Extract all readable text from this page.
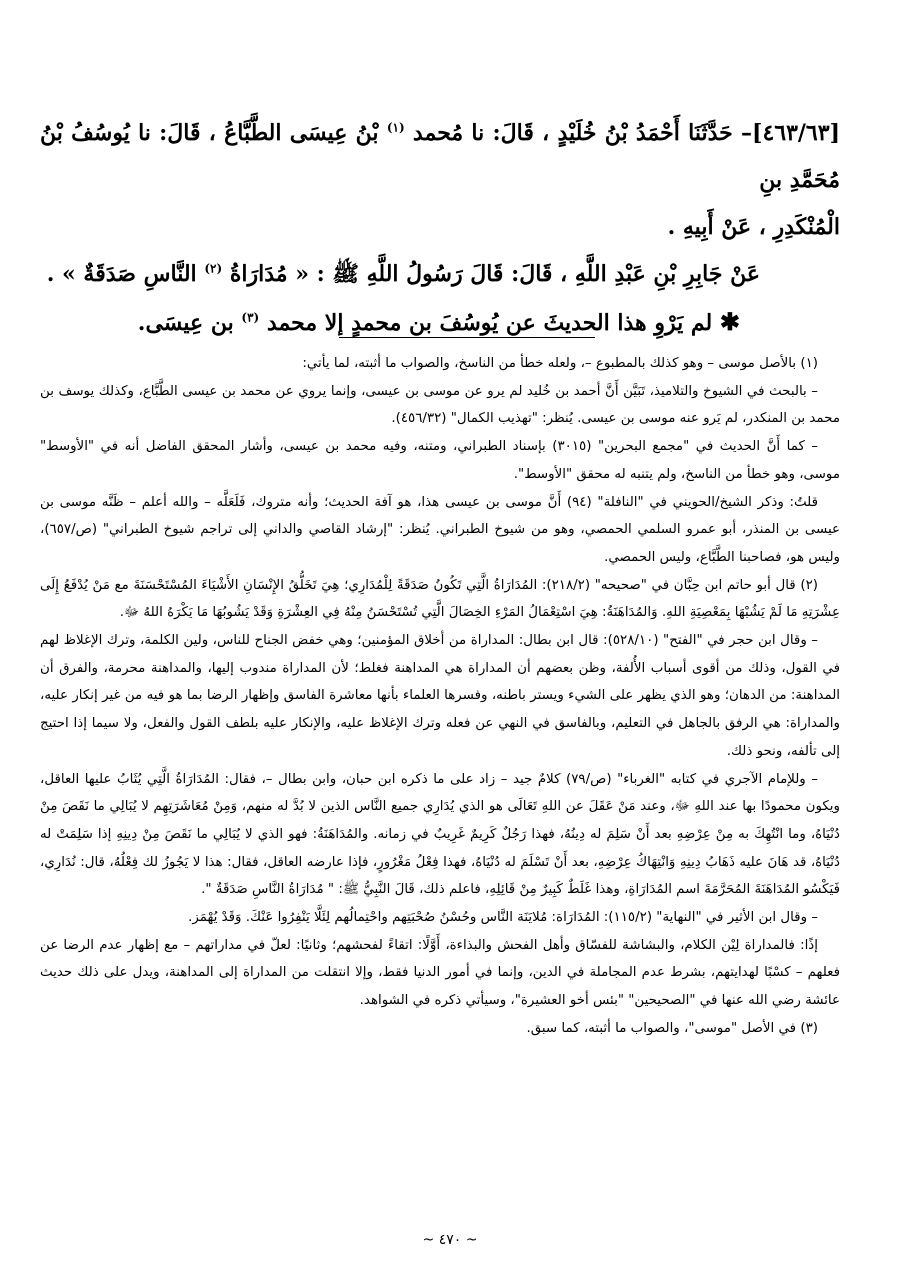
[٤٦٣/٦٣]– حَدَّثَنَا أَحْمَدُ بْنُ خُلَيْدٍ ، قَالَ: نا مُحمد $^{(١)}$ بْنُ عِيسَى الطَّبَّاعُ ، قَالَ: نا يُوسُفُ بْنُ مُحَمَّدِ بنِ

الْمُنْكَدِرِ ، عَنْ أَبِيهِ .

عَنْ جَابِرِ بْنِ عَبْدِ اللَّهِ ، قَالَ: قَالَ رَسُولُ اللَّهِ ﷺ : « مُدَارَاةُ $^{(٢)}$ النَّاسِ صَدَقَةٌ » .

✱ لم يَرْوِ هذا الحديثَ عن يُوسُفَ بن محمدٍ إلا محمد $^{(٣)}$ بن عِيسَى.

(١) بالأصل موسى – وهو كذلك بالمطبوع –، ولعله خطأ من الناسخ، والصواب ما أثبته، لما يأتي:

– بالبحث في الشيوخ والتلاميذ، تَبَيَّن أَنَّ أحمد بن خُليد لم يرو عن موسى بن عيسى، وإنما يروي عن محمد بن عيسى الطَّبَّاع، وكذلك يوسف بن محمد بن المنكدر، لم يَرو عنه موسى بن عيسى. يُنظر: "تهذيب الكمال" (٤٥٦/٣٢).

– كما أَنَّ الحديث في "مجمع البحرين" (٣٠١٥) بإسناد الطبراني، ومتنه، وفيه محمد بن عيسى، وأشار المحقق الفاضل أنه في "الأوسط" موسى، وهو خطأ من الناسخ، ولم يتنبه له محقق "الأوسط".

قلتُ: وذكر الشيخ/الحويني في "النافلة" (٩٤) أَنَّ موسى بن عيسى هذا، هو آفة الحديث؛ وأنه متروك، فَلَعَلَّه – والله أعلم – ظَنَّه موسى بن عيسى بن المنذر، أبو عمرو السلمي الحمصي، وهو من شيوخ الطبراني. يُنظر: "إرشاد القاصي والداني إلى تراجم شيوخ الطبراني" (ص/٦٥٧)، وليس هو، فصاحبنا الطَّبَّاع، وليس الحمصي.

(٢) قال أبو حاتم ابن حِبَّان في "صحيحه" (٢١٨/٢): المُدَارَاةُ الَّتِي تَكُونُ صَدَقَةً لِلْمُدَارِي؛ هِيَ تَخَلُّقُ الإِنْسَانِ الأَشْيَاءَ المُسْتَحْسَنَةَ مع مَنْ يُدْفَعُ إِلَى عِشْرَتِهِ مَا لَمْ يَشُبْهَا بِمَعْصِيَةِ اللهِ. وَالمُدَاهَنَةُ: هِيَ اسْتِعْمَالُ المَرْءِ الخِصَالَ الَّتِي تُسْتَحْسَنُ مِنْهُ فِي العِشْرَةِ وَقَدْ يَشُوبُهَا مَا يَكْرَهُ اللهُ ﷻ.

– وقال ابن حجر في "الفتح" (٥٢٨/١٠): قال ابن بطال: المداراة من أخلاق المؤمنين؛ وهي خفض الجناح للناس، ولين الكلمة، وترك الإغلاظ لهم في القول، وذلك من أقوى أسباب الأُلفة، وظن بعضهم أن المداراة هي المداهنة فغلط؛ لأن المداراة مندوب إليها، والمداهنة محرمة، والفرق أن المداهنة: من الدهان؛ وهو الذي يظهر على الشيء ويستر باطنه، وفسرها العلماء بأنها معاشرة الفاسق وإظهار الرضا بما هو فيه من غير إنكار عليه، والمداراة: هي الرفق بالجاهل في التعليم، وبالفاسق في النهي عن فعله وترك الإغلاظ عليه، والإنكار عليه بلطف القول والفعل، ولا سيما إذا احتيج إلى تألفه، ونحو ذلك.

– وللإمام الآجري في كتابه "الغرباء" (ص/٧٩) كلامٌ جيد – زاد على ما ذكره ابن حبان، وابن بطال –، فقال: المُدَارَاةُ الَّتِي يُثَابُ عليها العاقل، ويكون محمودًا بها عند اللهِ ﷻ، وعند مَنْ عَقَلَ عن اللهِ تَعَالَى هو الذي يُدَارِي جميع النَّاس الذين لا بُدَّ له منهم، وَمِنْ مُعَاشَرَتِهِم لا يُبَالِي ما نَقَصَ مِنْ دُنْيَاهُ، وما انْتُهِكَ به مِنْ عِرْضِهِ بعد أَنْ سَلِمَ له دِينُهُ، فهذا رَجُلٌ كَرِيمٌ غَرِيبٌ في زمانه. والمُدَاهَنَةُ: فهو الذي لا يُبَالِي ما نَقَصَ مِنْ دِينِهِ إذا سَلِمَتْ له دُنْيَاهُ، قد هَانَ عليه ذَهَابُ دِينِهِ وَانْتِهَاكُ عِرْضِهِ، بعد أَنْ تَسْلَمَ له دُنْيَاهُ، فهذا فِعْلُ مَغْرُورٍ، فإذا عارضه العاقل، فقال: هذا لا يَجُوزُ لك فِعْلُهُ، قال: نُدَارِي، فَيَكْسُو المُدَاهَنَةَ المُحَرَّمَةَ اسم المُدَارَاةِ، وهذا غَلَطٌ كَبِيرٌ مِنْ قَائِلِهِ، فاعلم ذلك، قَالَ النَّبِيُّ ﷺ: " مُدَارَاةُ النَّاسِ صَدَقَةٌ ".

– وقال ابن الأثير في "النهاية" (١١٥/٢): المُدَارَاة: مُلايَنَة النَّاس وحُسْنُ صُحْبَتِهم واحْتِمالُهم لِئَلَّا يَنْفِرُوا عَنْكَ. وَقَدْ يُهْمَز.

إذًا: فالمداراة لِيْن الكلام، والبشاشة للفسّاق وأهل الفحش والبذاءة، أَوَّلًا: اتقاءً لفحشهم؛ وثانيًا: لعلّ في مداراتهم – مع إظهار عدم الرضا عن فعلهم – كسْبًا لهدايتهم، بشرط عدم المجاملة في الدين، وإنما في أمور الدنيا فقط، وإلا انتقلت من المداراة إلى المداهنة، ويدل على ذلك حديث عائشة رضي الله عنها في "الصحيحين" "بئس أخو العشيرة"، وسيأتي ذكره في الشواهد.

(٣) في الأصل "موسى"، والصواب ما أثبته، كما سبق.

~ ٤٧٠ ~
